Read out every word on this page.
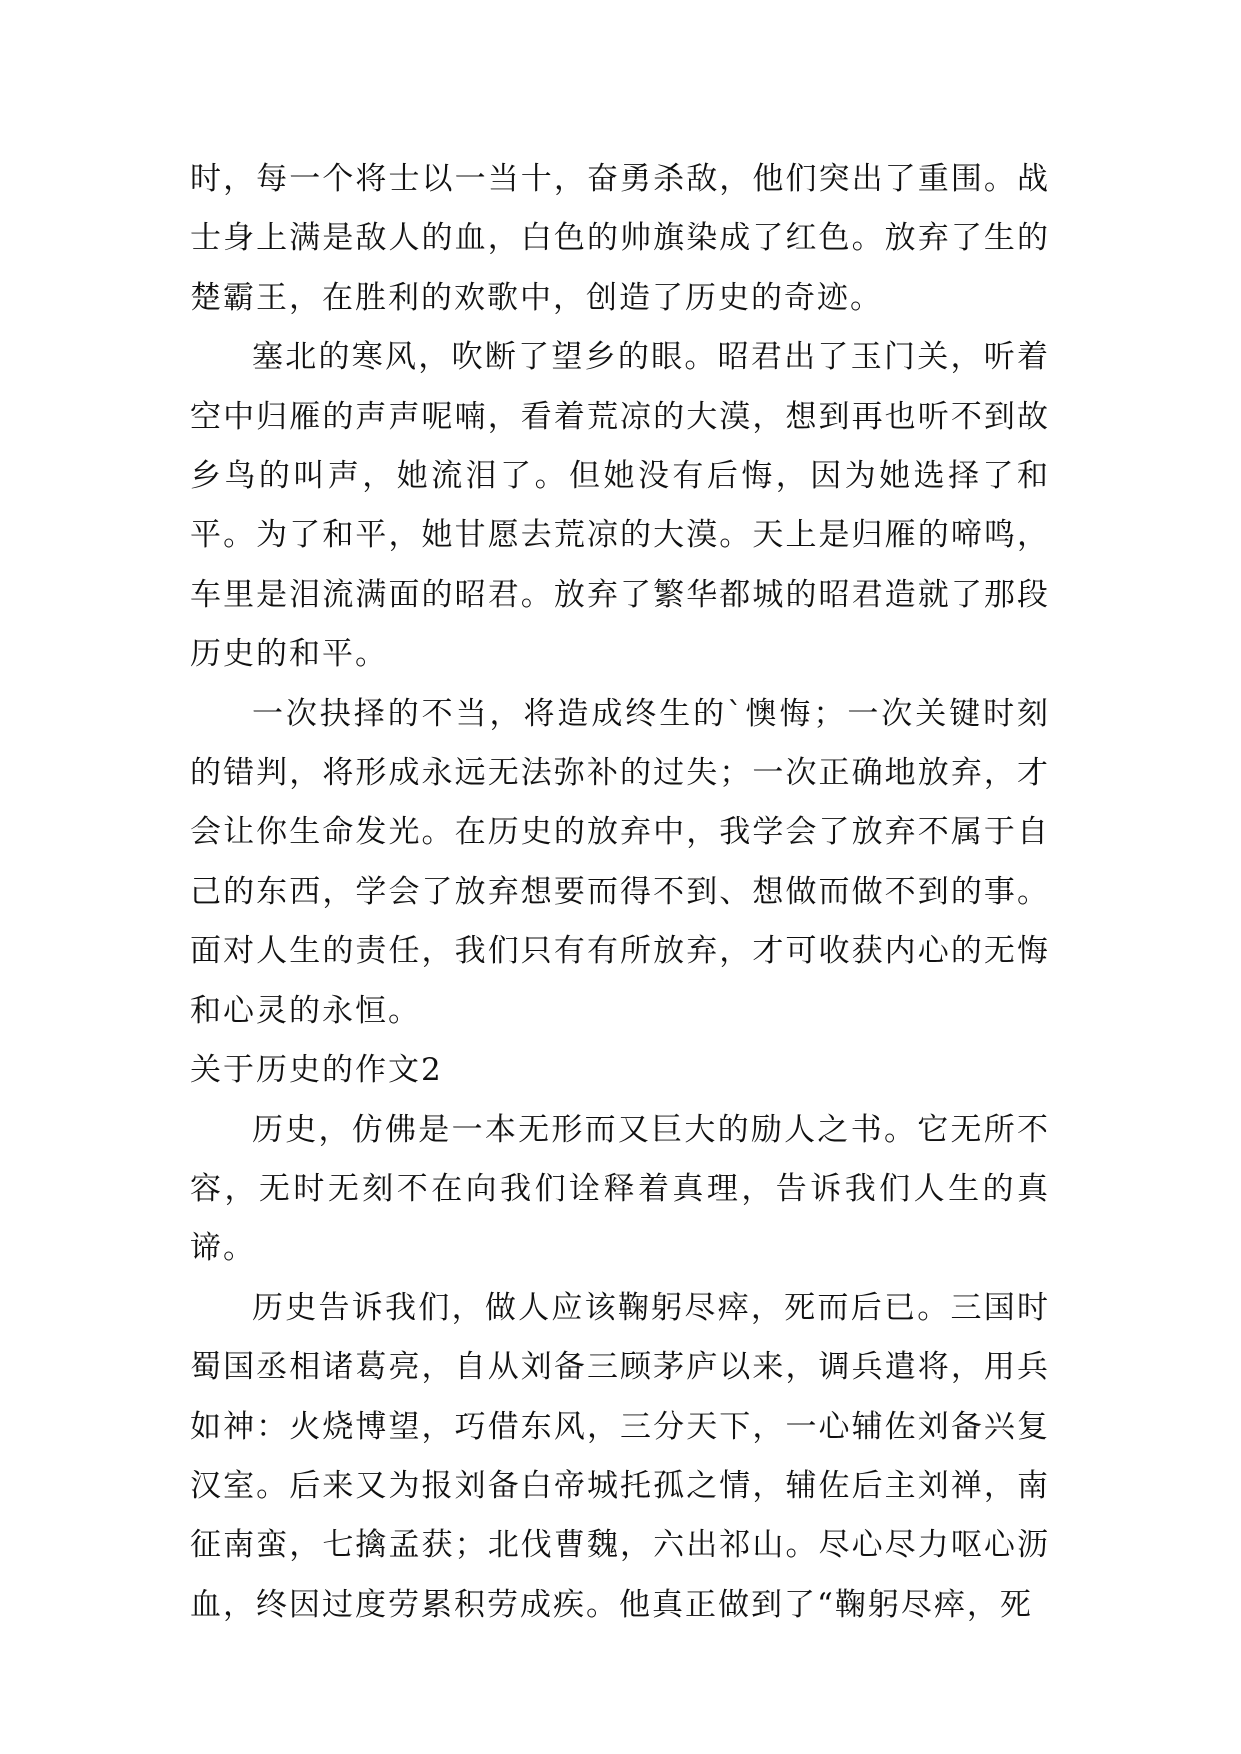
时，每一个将士以一当十，奋勇杀敌，他们突出了重围。战士身上满是敌人的血，白色的帅旗染成了红色。放弃了生的楚霸王，在胜利的欢歌中，创造了历史的奇迹。

塞北的寒风，吹断了望乡的眼。昭君出了玉门关，听着空中归雁的声声呢喃，看着荒凉的大漠，想到再也听不到故乡鸟的叫声，她流泪了。但她没有后悔，因为她选择了和平。为了和平，她甘愿去荒凉的大漠。天上是归雁的啼鸣，车里是泪流满面的昭君。放弃了繁华都城的昭君造就了那段历史的和平。

一次抉择的不当，将造成终生的`懊悔；一次关键时刻的错判，将形成永远无法弥补的过失；一次正确地放弃，才会让你生命发光。在历史的放弃中，我学会了放弃不属于自己的东西，学会了放弃想要而得不到、想做而做不到的事。面对人生的责任，我们只有有所放弃，才可收获内心的无悔和心灵的永恒。

关于历史的作文2

历史，仿佛是一本无形而又巨大的励人之书。它无所不容，无时无刻不在向我们诠释着真理，告诉我们人生的真谛。

历史告诉我们，做人应该鞠躬尽瘁，死而后已。三国时蜀国丞相诸葛亮，自从刘备三顾茅庐以来，调兵遣将，用兵如神：火烧博望，巧借东风，三分天下，一心辅佐刘备兴复汉室。后来又为报刘备白帝城托孤之情，辅佐后主刘禅，南征南蛮，七擒孟获；北伐曹魏，六出祁山。尽心尽力呕心沥血，终因过度劳累积劳成疾。他真正做到了“鞠躬尽瘁，死
